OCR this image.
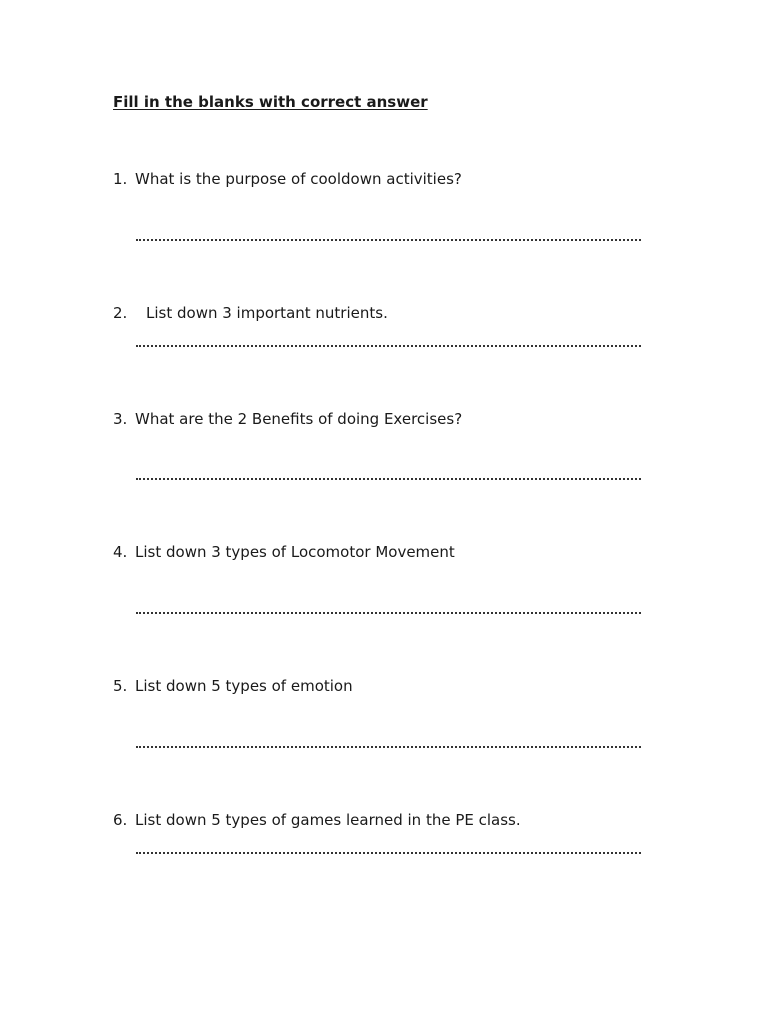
Fill in the blanks with correct answer
1. What is the purpose of cooldown activities?
2.	List down 3 important nutrients.
3. What are the 2 Benefits of doing Exercises?
4. List down 3 types of Locomotor Movement
5. List down 5 types of emotion
6. List down 5 types of games learned in the PE class.
